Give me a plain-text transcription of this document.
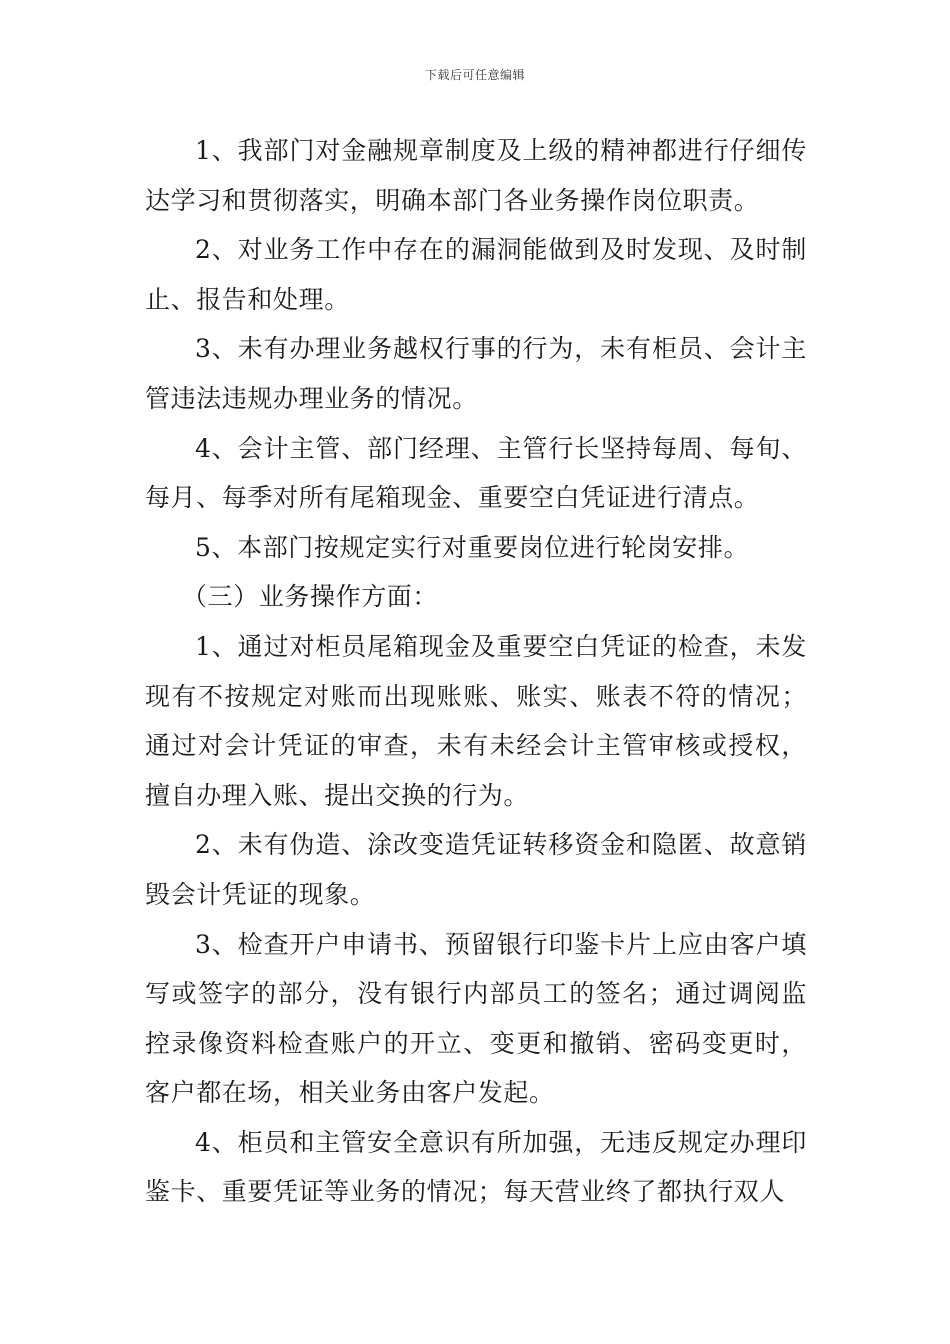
下载后可任意编辑

1、我部门对金融规章制度及上级的精神都进行仔细传达学习和贯彻落实，明确本部门各业务操作岗位职责。

2、对业务工作中存在的漏洞能做到及时发现、及时制止、报告和处理。

3、未有办理业务越权行事的行为，未有柜员、会计主管违法违规办理业务的情况。

4、会计主管、部门经理、主管行长坚持每周、每旬、每月、每季对所有尾箱现金、重要空白凭证进行清点。

5、本部门按规定实行对重要岗位进行轮岗安排。

（三）业务操作方面：

1、通过对柜员尾箱现金及重要空白凭证的检查，未发现有不按规定对账而出现账账、账实、账表不符的情况；通过对会计凭证的审查，未有未经会计主管审核或授权，擅自办理入账、提出交换的行为。

2、未有伪造、涂改变造凭证转移资金和隐匿、故意销毁会计凭证的现象。

3、检查开户申请书、预留银行印鉴卡片上应由客户填写或签字的部分，没有银行内部员工的签名；通过调阅监控录像资料检查账户的开立、变更和撤销、密码变更时，客户都在场，相关业务由客户发起。

4、柜员和主管安全意识有所加强，无违反规定办理印鉴卡、重要凭证等业务的情况；每天营业终了都执行双人
